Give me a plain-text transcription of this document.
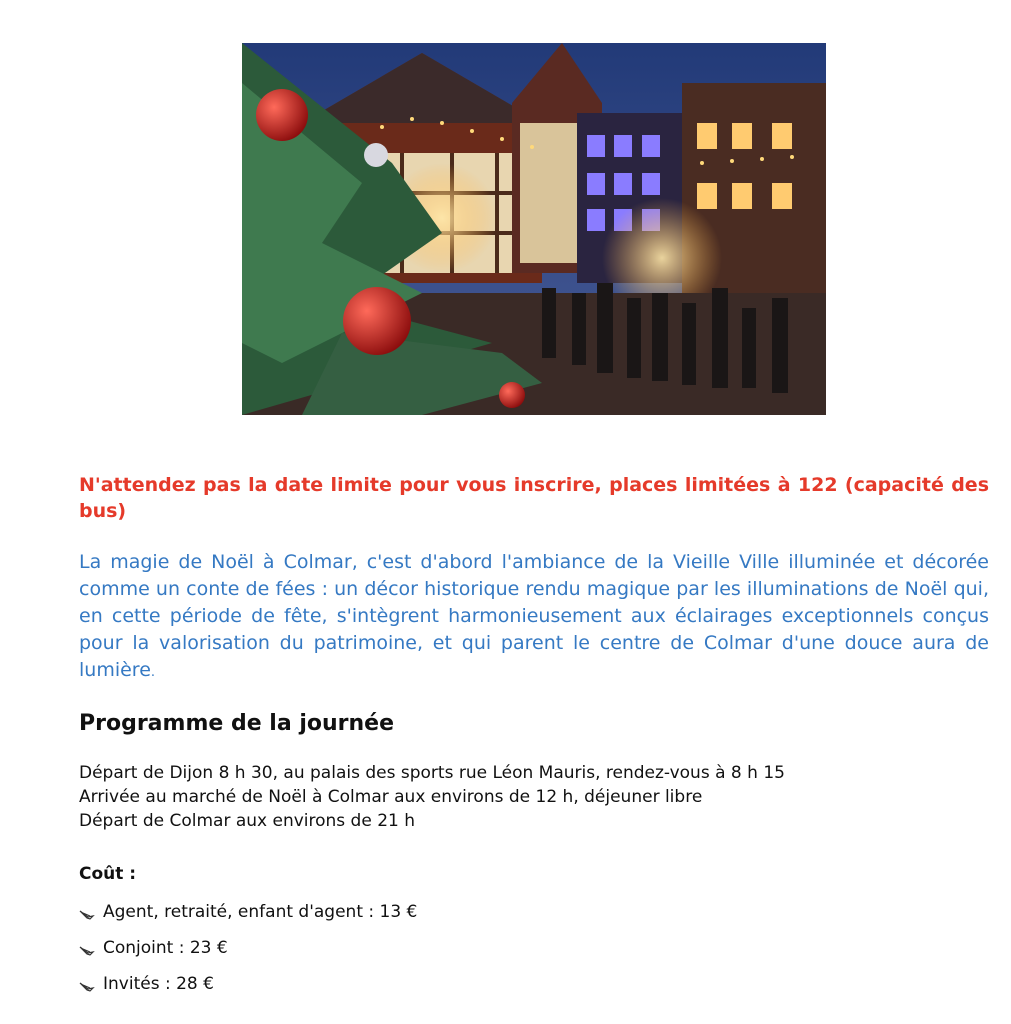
N'attendez pas la date limite pour vous inscrire, places limitées à 122 (capacité des bus)

La magie de Noël à Colmar, c'est d'abord l'ambiance de la Vieille Ville illuminée et décorée comme un conte de fées : un décor historique rendu magique par les illuminations de Noël qui, en cette période de fête, s'intègrent harmonieusement aux éclairages exceptionnels conçus pour la valorisation du patrimoine, et qui parent le centre de Colmar d'une douce aura de lumière.

Programme de la journée
Départ de Dijon 8 h 30, au palais des sports rue Léon Mauris, rendez-vous à 8 h 15
Arrivée au marché de Noël à Colmar aux environs de 12 h, déjeuner libre
Départ de Colmar aux environs de 21 h

Coût :

Agent, retraité, enfant d'agent : 13 €
Conjoint : 23 €
Invités : 28 €
